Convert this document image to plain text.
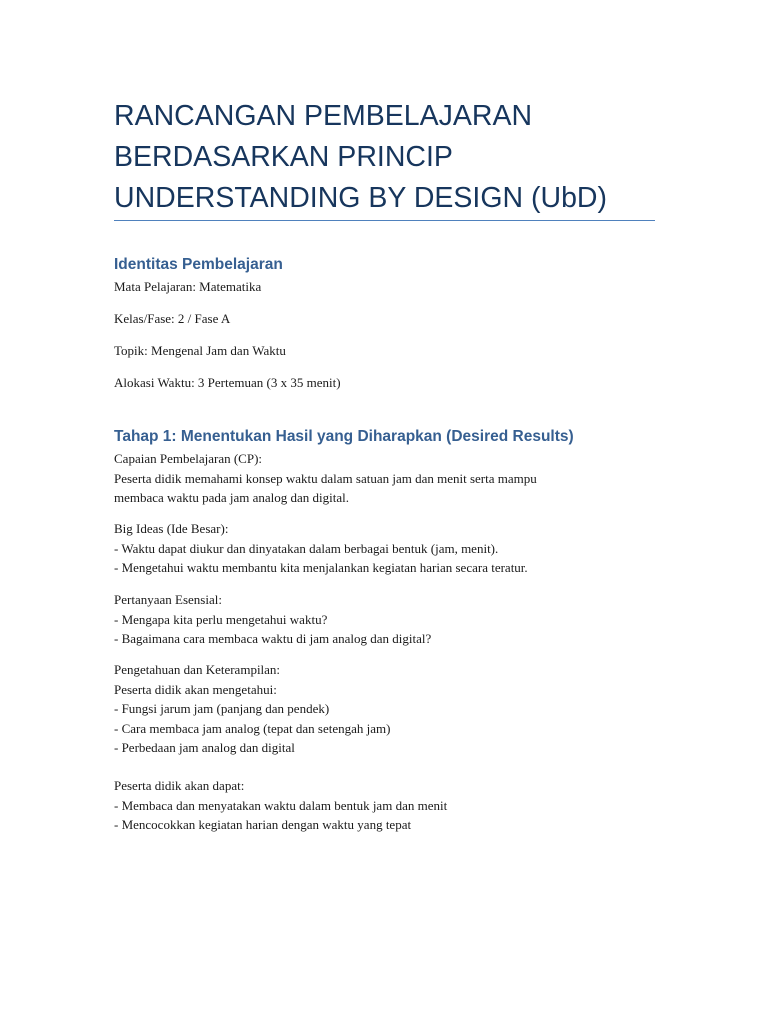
RANCANGAN PEMBELAJARAN
BERDASARKAN PRINCIP
UNDERSTANDING BY DESIGN (UbD)
Identitas Pembelajaran

Mata Pelajaran: Matematika

Kelas/Fase: 2 / Fase A

Topik: Mengenal Jam dan Waktu

Alokasi Waktu: 3 Pertemuan (3 x 35 menit)

Tahap 1: Menentukan Hasil yang Diharapkan (Desired Results)

Capaian Pembelajaran (CP):
Peserta didik memahami konsep waktu dalam satuan jam dan menit serta mampu
membaca waktu pada jam analog dan digital.

Big Ideas (Ide Besar):
- Waktu dapat diukur dan dinyatakan dalam berbagai bentuk (jam, menit).
- Mengetahui waktu membantu kita menjalankan kegiatan harian secara teratur.

Pertanyaan Esensial:
- Mengapa kita perlu mengetahui waktu?
- Bagaimana cara membaca waktu di jam analog dan digital?

Pengetahuan dan Keterampilan:
Peserta didik akan mengetahui:
- Fungsi jarum jam (panjang dan pendek)
- Cara membaca jam analog (tepat dan setengah jam)
- Perbedaan jam analog dan digital

Peserta didik akan dapat:
- Membaca dan menyatakan waktu dalam bentuk jam dan menit
- Mencocokkan kegiatan harian dengan waktu yang tepat
